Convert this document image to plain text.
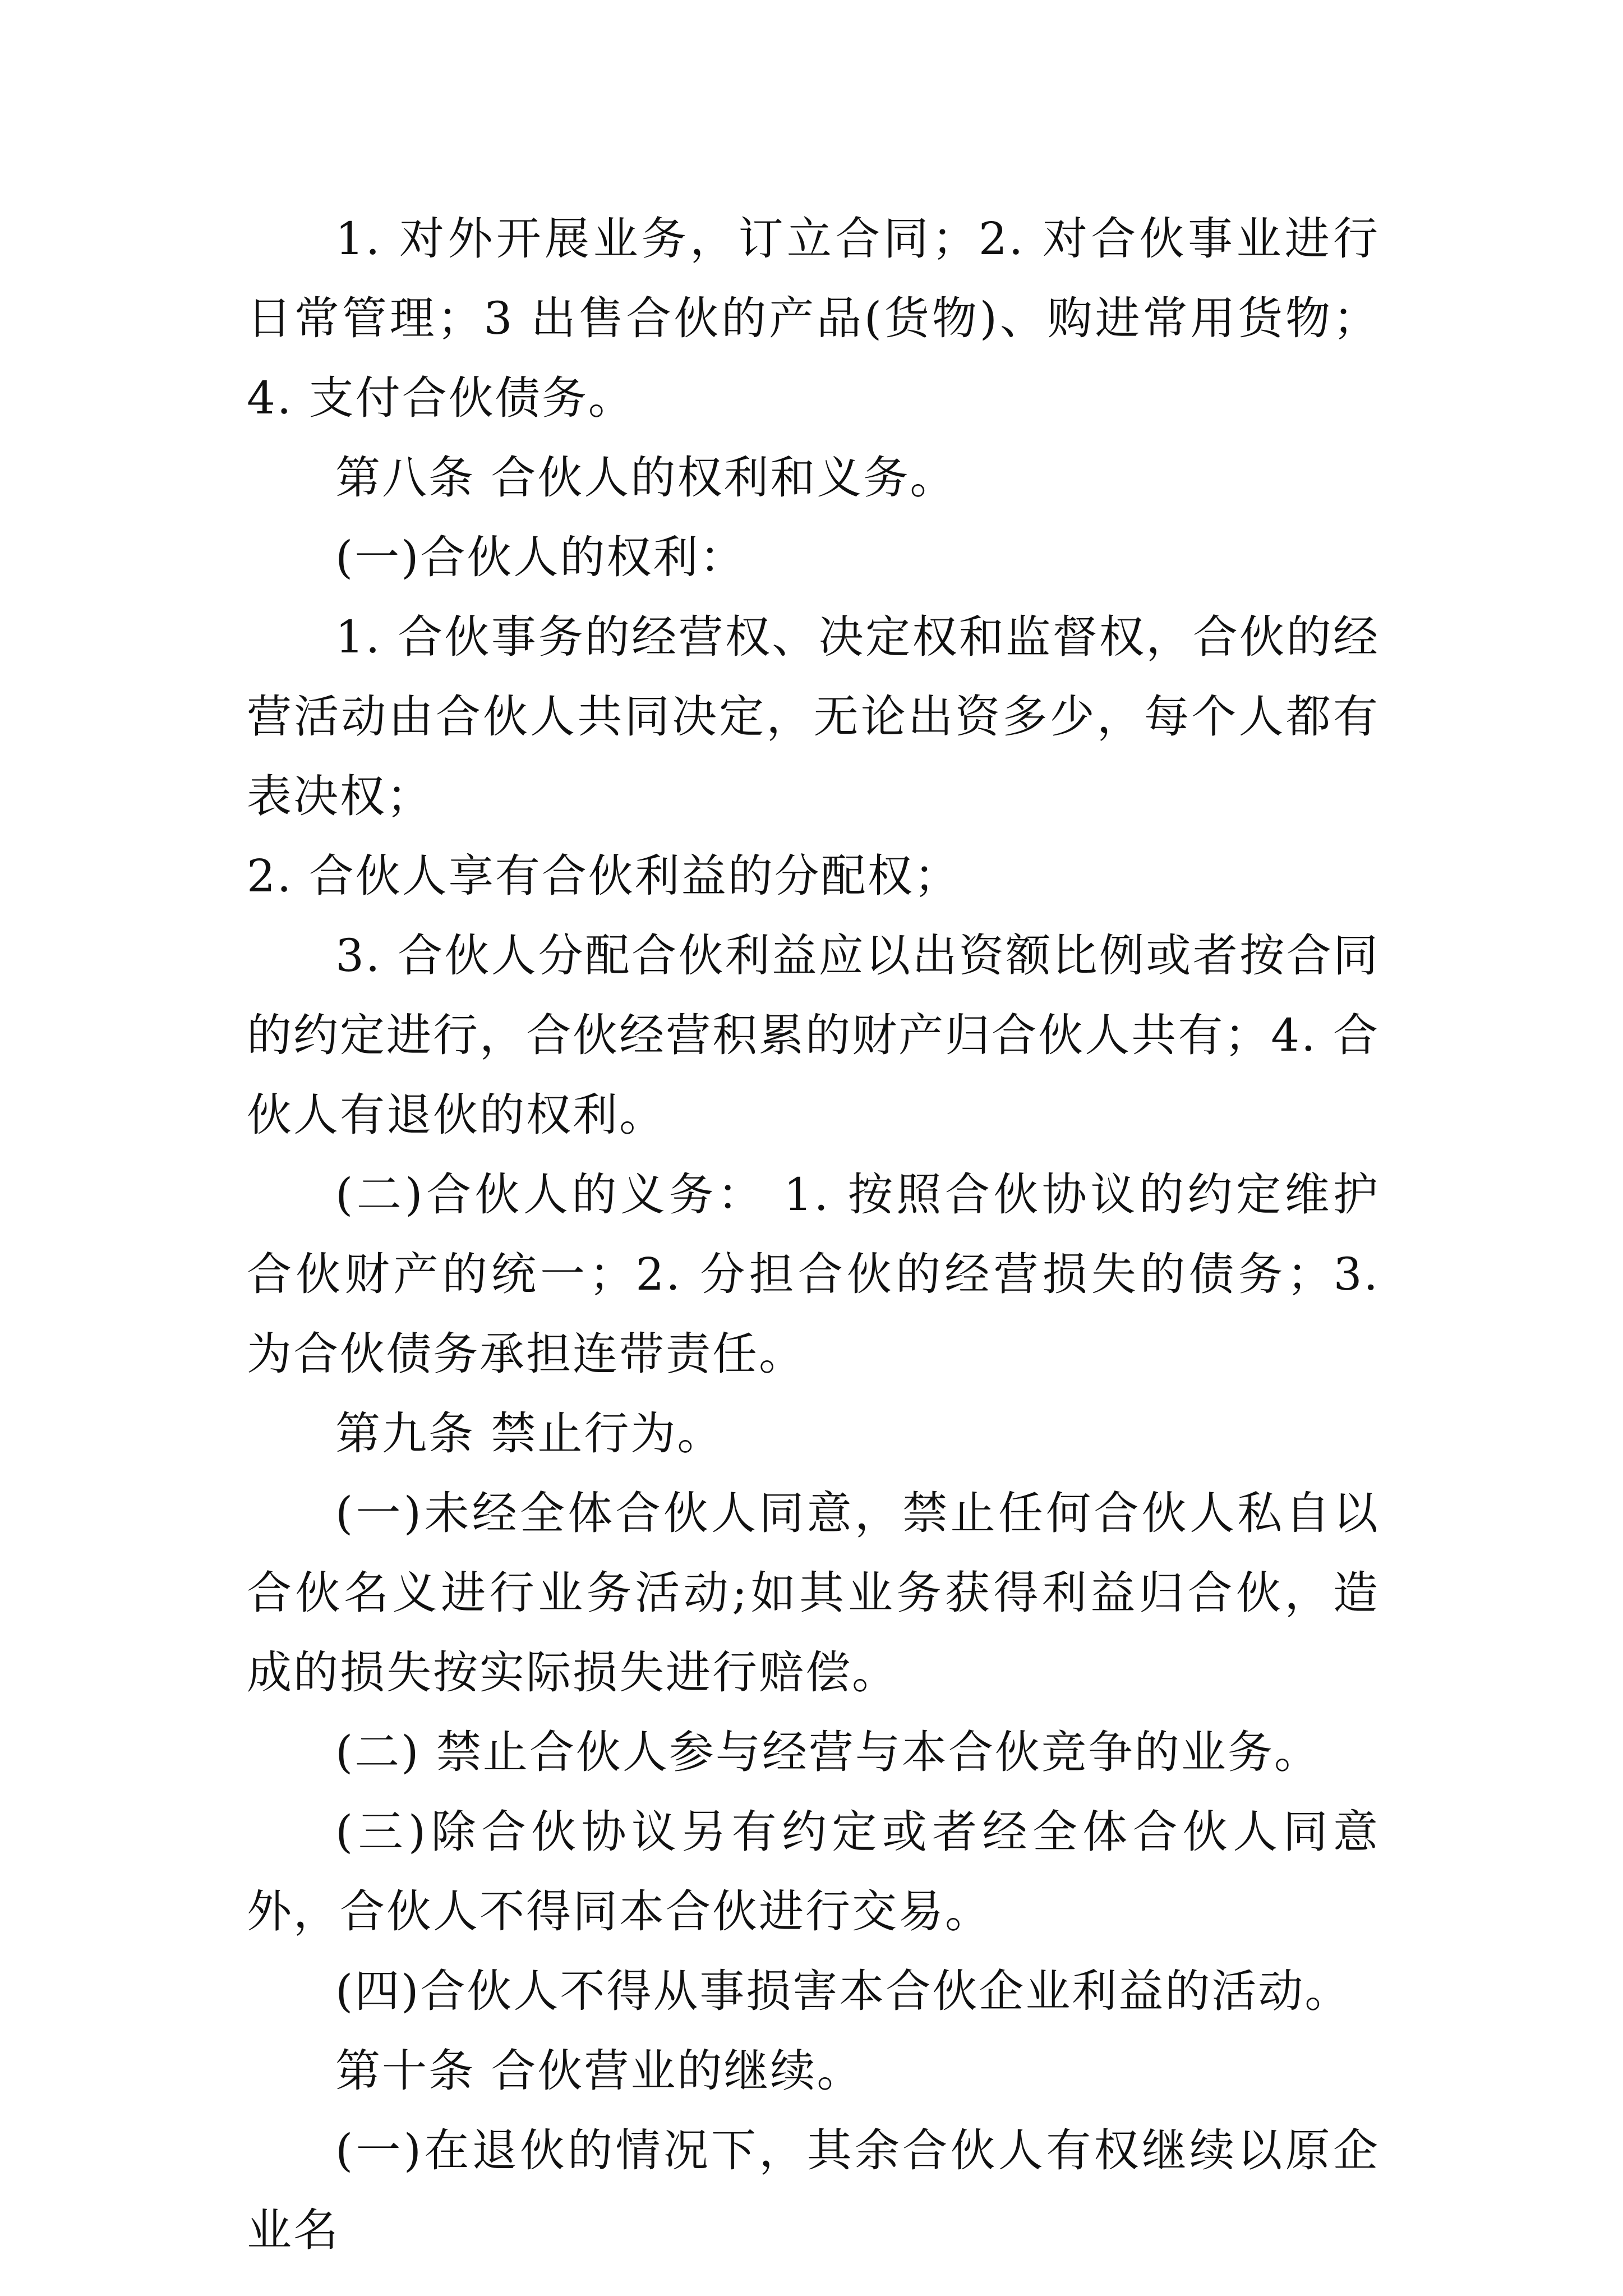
1. 对外开展业务，订立合同；2. 对合伙事业进行日常管理；3 出售合伙的产品(货物)、购进常用货物；4. 支付合伙债务。

第八条 合伙人的权利和义务。

(一)合伙人的权利：

1. 合伙事务的经营权、决定权和监督权，合伙的经营活动由合伙人共同决定，无论出资多少，每个人都有表决权；

2. 合伙人享有合伙利益的分配权；

3. 合伙人分配合伙利益应以出资额比例或者按合同的约定进行，合伙经营积累的财产归合伙人共有；4. 合伙人有退伙的权利。

(二)合伙人的义务： 1. 按照合伙协议的约定维护合伙财产的统一；2. 分担合伙的经营损失的债务；3. 为合伙债务承担连带责任。

第九条 禁止行为。

(一)未经全体合伙人同意，禁止任何合伙人私自以合伙名义进行业务活动;如其业务获得利益归合伙，造成的损失按实际损失进行赔偿。

(二) 禁止合伙人参与经营与本合伙竞争的业务。

(三)除合伙协议另有约定或者经全体合伙人同意外，合伙人不得同本合伙进行交易。

(四)合伙人不得从事损害本合伙企业利益的活动。

第十条 合伙营业的继续。

(一)在退伙的情况下，其余合伙人有权继续以原企业名
